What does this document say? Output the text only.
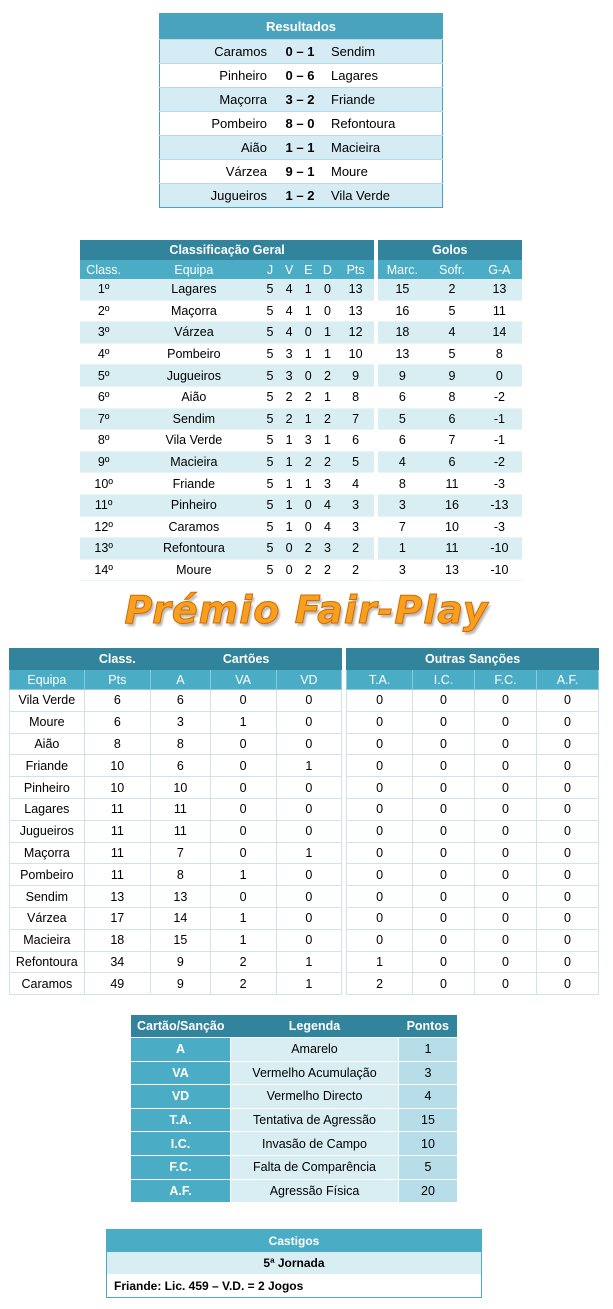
Resultados		
Caramos	0 – 1	Sendim
Pinheiro	0 – 6	Lagares
Maçorra	3 – 2	Friande
Pombeiro	8 – 0	Refontoura
Aião	1 – 1	Macieira
Várzea	9 – 1	Moure
Jugueiros	1 – 2	Vila Verde
Classificação Geral								Golos		
Class.	Equipa	J	V	E	D	Pts		Marc.	Sofr.	G-A
1º	Lagares	5	4	1	0	13		15	2	13
2º	Maçorra	5	4	1	0	13		16	5	11
3º	Várzea	5	4	0	1	12		18	4	14
4º	Pombeiro	5	3	1	1	10		13	5	8
5º	Jugueiros	5	3	0	2	9		9	9	0
6º	Aião	5	2	2	1	8		6	8	-2
7º	Sendim	5	2	1	2	7		5	6	-1
8º	Vila Verde	5	1	3	1	6		6	7	-1
9º	Macieira	5	1	2	2	5		4	6	-2
10º	Friande	5	1	1	3	4		8	11	-3
11º	Pinheiro	5	1	0	4	3		3	16	-13
12º	Caramos	5	1	0	4	3		7	10	-3
13º	Refontoura	5	0	2	3	2		1	11	-10
14º	Moure	5	0	2	2	2		3	13	-10
Prémio Fair-Play
	Class.	Cartões				Outras Sanções			
Equipa	Pts	A	VA	VD		T.A.	I.C.	F.C.	A.F.
Vila Verde	6	6	0	0		0	0	0	0
Moure	6	3	1	0		0	0	0	0
Aião	8	8	0	0		0	0	0	0
Friande	10	6	0	1		0	0	0	0
Pinheiro	10	10	0	0		0	0	0	0
Lagares	11	11	0	0		0	0	0	0
Jugueiros	11	11	0	0		0	0	0	0
Maçorra	11	7	0	1		0	0	0	0
Pombeiro	11	8	1	0		0	0	0	0
Sendim	13	13	0	0		0	0	0	0
Várzea	17	14	1	0		0	0	0	0
Macieira	18	15	1	0		0	0	0	0
Refontoura	34	9	2	1		1	0	0	0
Caramos	49	9	2	1		2	0	0	0
Cartão/Sanção	Legenda	Pontos
A	Amarelo	1
VA	Vermelho Acumulação	3
VD	Vermelho Directo	4
T.A.	Tentativa de Agressão	15
I.C.	Invasão de Campo	10
F.C.	Falta de Comparência	5
A.F.	Agressão Física	20
Castigos
5ª Jornada
Friande: Lic. 459 – V.D. = 2 Jogos
